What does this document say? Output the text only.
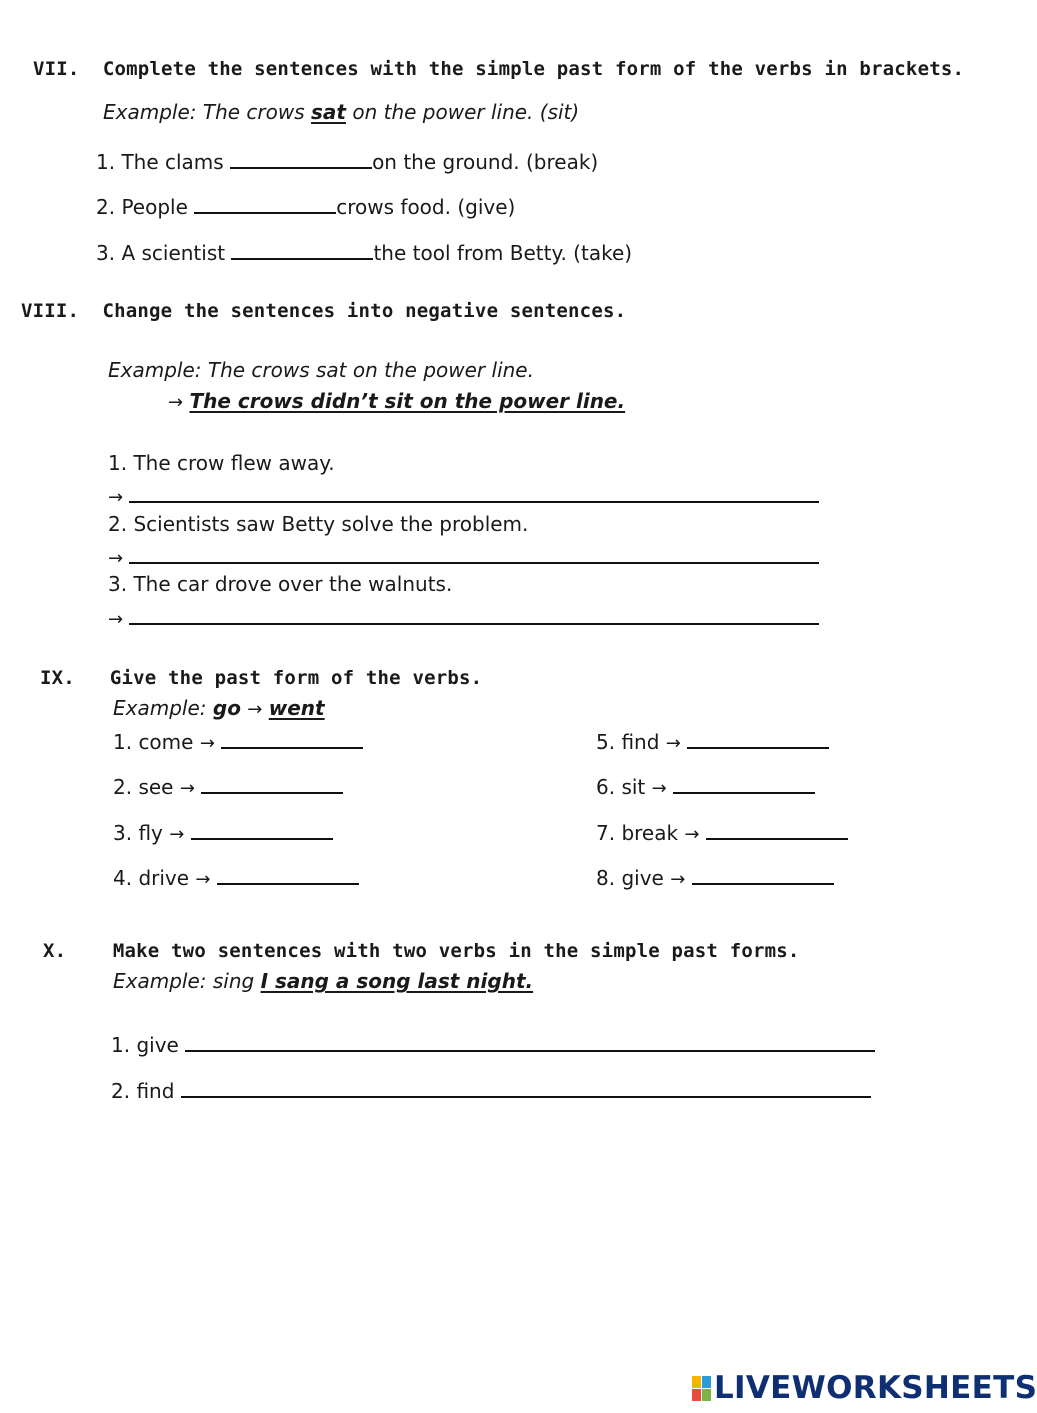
VII. Complete the sentences with the simple past form of the verbs in brackets.
Example: The crows sat on the power line. (sit)
1. The clams	on the ground. (break)
2. People	crows food. (give)
3. A scientist	the tool from Betty. (take)
VIII. Change the sentences into negative sentences.
Example: The crows sat on the power line.
→ The crows didn’t sit on the power line.
1. The crow flew away.
→
2. Scientists saw Betty solve the problem.
→
3. The car drove over the walnuts.
→
IX. Give the past form of the verbs.
Example: go → went
1. come →
2. see →
3. fly →
4. drive →
5. find →
6. sit →
7. break →
8. give →
X. Make two sentences with two verbs in the simple past forms.
Example: sing I sang a song last night.
1. give
2. find
LIVEWORKSHEETS
